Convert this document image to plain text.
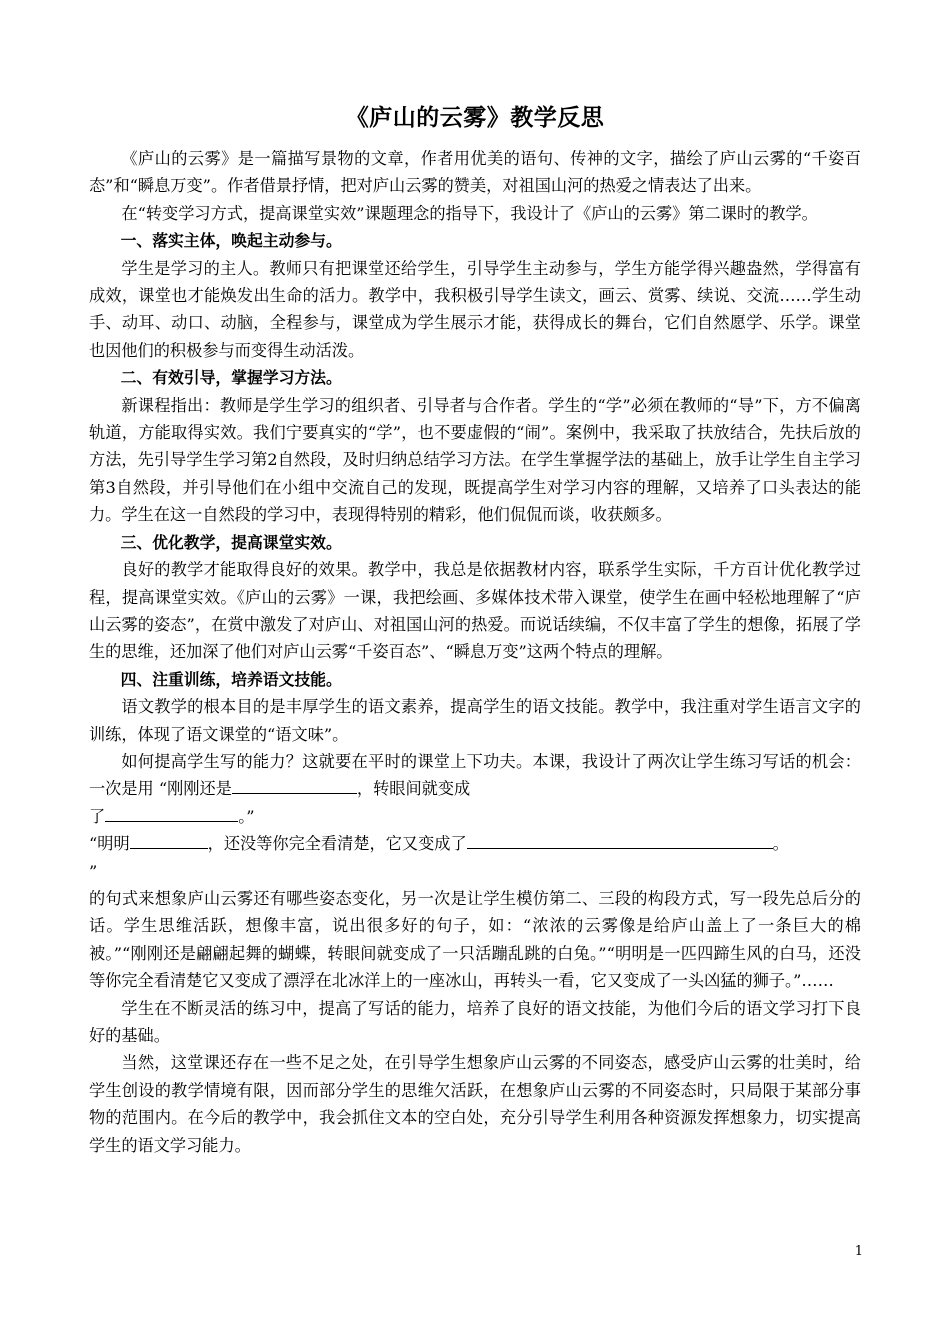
《庐山的云雾》教学反思

《庐山的云雾》是一篇描写景物的文章，作者用优美的语句、传神的文字，描绘了庐山云雾的“千姿百态”和“瞬息万变”。作者借景抒情，把对庐山云雾的赞美，对祖国山河的热爱之情表达了出来。

在“转变学习方式，提高课堂实效”课题理念的指导下，我设计了《庐山的云雾》第二课时的教学。

一、落实主体，唤起主动参与。

学生是学习的主人。教师只有把课堂还给学生，引导学生主动参与，学生方能学得兴趣盎然，学得富有成效，课堂也才能焕发出生命的活力。教学中，我积极引导学生读文，画云、赏雾、续说、交流……学生动手、动耳、动口、动脑，全程参与，课堂成为学生展示才能，获得成长的舞台，它们自然愿学、乐学。课堂也因他们的积极参与而变得生动活泼。

二、有效引导，掌握学习方法。

新课程指出：教师是学生学习的组织者、引导者与合作者。学生的“学”必须在教师的“导”下，方不偏离轨道，方能取得实效。我们宁要真实的“学”，也不要虚假的“闹”。案例中，我采取了扶放结合，先扶后放的方法，先引导学生学习第2自然段，及时归纳总结学习方法。在学生掌握学法的基础上，放手让学生自主学习第3自然段，并引导他们在小组中交流自己的发现，既提高学生对学习内容的理解，又培养了口头表达的能力。学生在这一自然段的学习中，表现得特别的精彩，他们侃侃而谈，收获颇多。

三、优化教学，提高课堂实效。

良好的教学才能取得良好的效果。教学中，我总是依据教材内容，联系学生实际，千方百计优化教学过程，提高课堂实效。《庐山的云雾》一课，我把绘画、多媒体技术带入课堂，使学生在画中轻松地理解了“庐山云雾的姿态”，在赏中激发了对庐山、对祖国山河的热爱。而说话续编，不仅丰富了学生的想像，拓展了学生的思维，还加深了他们对庐山云雾“千姿百态”、“瞬息万变”这两个特点的理解。

四、注重训练，培养语文技能。

语文教学的根本目的是丰厚学生的语文素养，提高学生的语文技能。教学中，我注重对学生语言文字的训练，体现了语文课堂的“语文味”。

如何提高学生写的能力？这就要在平时的课堂上下功夫。本课，我设计了两次让学生练习写话的机会：一次是用 “刚刚还是	，转眼间就变成

了	。”

“明明	，还没等你完全看清楚，它又变成了	。

”

的句式来想象庐山云雾还有哪些姿态变化，另一次是让学生模仿第二、三段的构段方式，写一段先总后分的话。学生思维活跃，想像丰富，说出很多好的句子，如：“浓浓的云雾像是给庐山盖上了一条巨大的棉被。”“刚刚还是翩翩起舞的蝴蝶，转眼间就变成了一只活蹦乱跳的白兔。”“明明是一匹四蹄生风的白马，还没等你完全看清楚它又变成了漂浮在北冰洋上的一座冰山，再转头一看，它又变成了一头凶猛的狮子。”……

学生在不断灵活的练习中，提高了写话的能力，培养了良好的语文技能，为他们今后的语文学习打下良好的基础。

当然，这堂课还存在一些不足之处，在引导学生想象庐山云雾的不同姿态，感受庐山云雾的壮美时，给学生创设的教学情境有限，因而部分学生的思维欠活跃，在想象庐山云雾的不同姿态时，只局限于某部分事物的范围内。在今后的教学中，我会抓住文本的空白处，充分引导学生利用各种资源发挥想象力，切实提高学生的语文学习能力。

1
